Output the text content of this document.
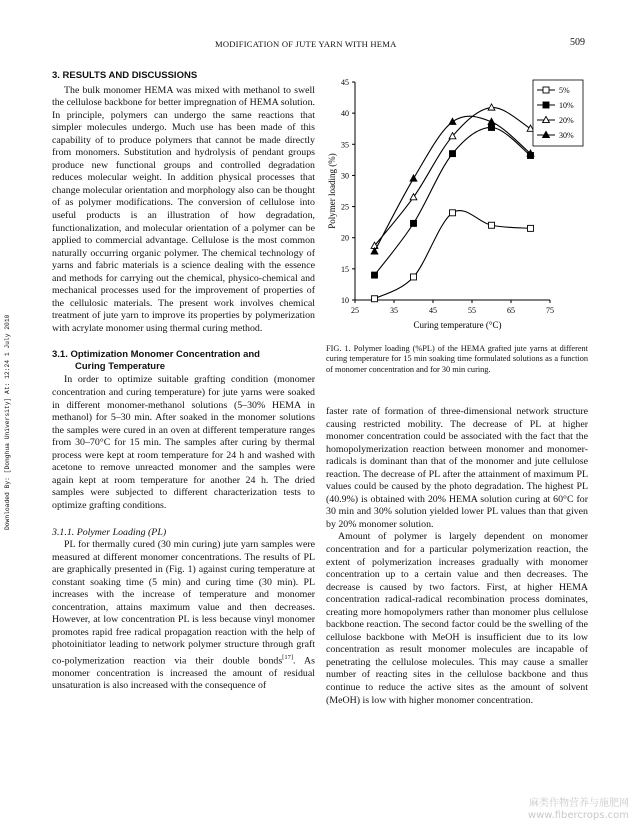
MODIFICATION OF JUTE YARN WITH HEMA	509
Downloaded By: [Donghua University] At: 12:24 1 July 2010
3. RESULTS AND DISCUSSIONS

The bulk monomer HEMA was mixed with methanol to swell the cellulose backbone for better impregnation of HEMA solution. In principle, polymers can undergo the same reactions that simpler molecules undergo. Much use has been made of this capability of to produce polymers that cannot be made directly from monomers. Substitution and hydrolysis of pendant groups produce new functional groups and controlled degradation reduces molecular weight. In addition physical processes that change molecular orientation and morphology also can be thought of as polymer modifications. The conversion of cellulose into useful products is an illustration of how degradation, functionalization, and molecular orientation of a polymer can be applied to commercial advantage. Cellulose is the most common naturally occurring organic polymer. The chemical technology of yarns and fabric materials is a science dealing with the essence and methods for carrying out the chemical, physico-chemical and mechanical processes used for the improvement of properties of the cellulosic materials. The present work involves chemical treatment of jute yarn to improve its properties by polymerization with acrylate monomer using thermal curing method.

3.1. Optimization Monomer Concentration and
Curing Temperature

In order to optimize suitable grafting condition (monomer concentration and curing temperature) for jute yarns were soaked in different monomer-methanol solutions (5–30% HEMA in methanol) for 5–30 min. After soaked in the monomer solutions the samples were cured in an oven at different temperature ranges from 30–70°C for 15 min. The samples after curing by thermal process were kept at room temperature for 24 h and washed with acetone to remove unreacted monomer and the samples were again kept at room temperature for another 24 h. The dried samples were subjected to different characterization tests to optimize grafting conditions.

3.1.1. Polymer Loading (PL)

PL for thermally cured (30 min curing) jute yarn samples were measured at different monomer concentrations. The results of PL are graphically presented in (Fig. 1) against curing temperature at constant soaking time (5 min) and curing time (30 min). PL increases with the increase of temperature and monomer concentration, attains maximum value and then decreases. However, at low concentration PL is less because vinyl monomer promotes rapid free radical propagation reaction with the help of photoinitiator leading to network polymer structure through graft co-polymerization reaction via their double bonds[17]. As monomer concentration is increased the amount of residual unsaturation is also increased with the consequence of

25	35	45	55	65	75
10
15
20
25
30
35
40
45
5%
10%
20%
30%
Polymer loading (%)
Curing temperature (°C)
FIG. 1. Polymer loading (%PL) of the HEMA grafted jute yarns at different curing temperature for 15 min soaking time formulated solutions as a function of monomer concentration and for 30 min curing.

faster rate of formation of three-dimensional network structure causing restricted mobility. The decrease of PL at higher monomer concentration could be associated with the fact that the homopolymerization reaction between monomer and monomer-radicals is dominant than that of the monomer and jute cellulose reaction. The decrease of PL after the attainment of maximum PL values could be caused by the photo degradation. The highest PL (40.9%) is obtained with 20% HEMA solution curing at 60°C for 30 min and 30% solution yielded lower PL values than that given by 20% monomer solution.

Amount of polymer is largely dependent on monomer concentration and for a particular polymerization reaction, the extent of polymerization increases gradually with monomer concentration up to a certain value and then decreases. The decrease is caused by two factors. First, at higher HEMA concentration radical-radical recombination process dominates, creating more homopolymers rather than monomer plus cellulose backbone reaction. The second factor could be the swelling of the cellulose backbone with MeOH is insufficient due to its low concentration as result monomer molecules are incapable of penetrating the cellulose molecules. This may cause a smaller number of reacting sites in the cellulose backbone and thus continue to reduce the active sites as the amount of solvent (MeOH) is low with higher monomer concentration.

麻类作物营养与施肥网
www.fibercrops.com
